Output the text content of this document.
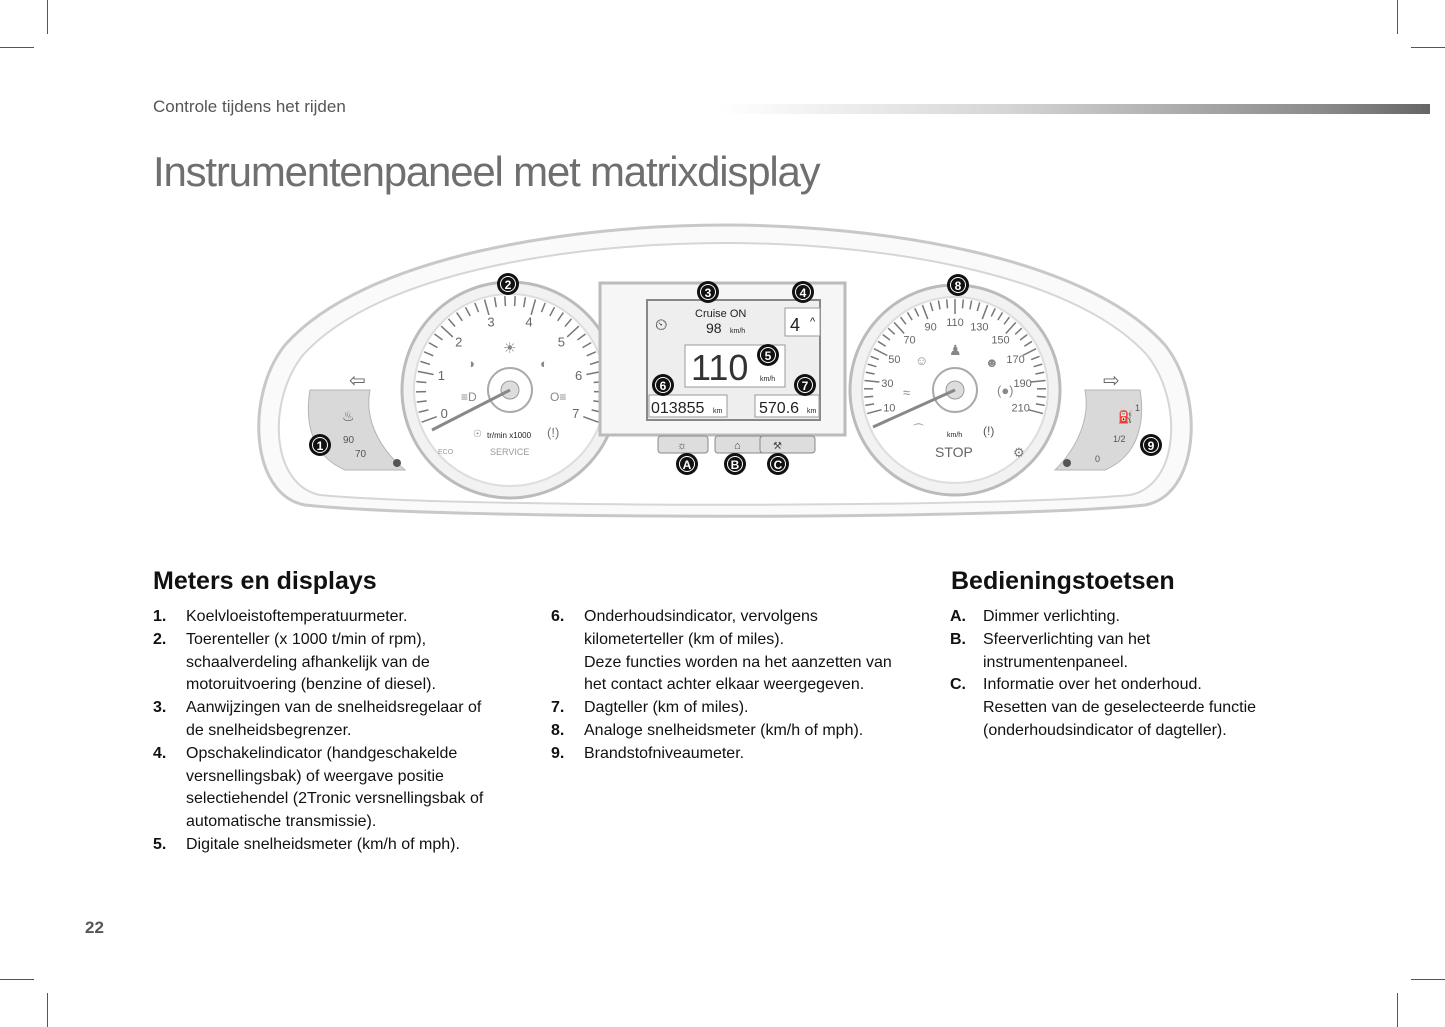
Controle tijdens het rijden
Instrumentenpaneel met matrixdisplay
⇦
♨
90
70
0
1
2
3 4
5
6
7
◑
☀
◐
≡D	O≡
☉ tr/min x1000
ECO	SERVICE
(!)
⏲
Cruise ON
98 km/h 4 ^
110 km/h
013855 km 570.6 km
☼	⌂	⚒
10
30
50
70
90 110 130
150
170
190
210
☺
♟
☻
≈	(●)
⌒	km/h (!)
STOP	⚙
⇨
⛽
1
1/2
0
1
2
3	4
5
6	7
8
9
A	B	C
Meters en displays	Bedieningstoetsen
1. Koelvloeistoftemperatuurmeter.
2. Toerenteller (x 1000 t/min of rpm),
schaalverdeling afhankelijk van de
motoruitvoering (benzine of diesel).
3. Aanwijzingen van de snelheidsregelaar of
de snelheidsbegrenzer.
4. Opschakelindicator (handgeschakelde
versnellingsbak) of weergave positie
selectiehendel (2Tronic versnellingsbak of
automatische transmissie).
5. Digitale snelheidsmeter (km/h of mph).
6. Onderhoudsindicator, vervolgens
kilometerteller (km of miles).
Deze functies worden na het aanzetten van
het contact achter elkaar weergegeven.
7. Dagteller (km of miles).
8. Analoge snelheidsmeter (km/h of mph).
9. Brandstofniveaumeter.
A. Dimmer verlichting.
B. Sfeerverlichting van het
instrumentenpaneel.
C. Informatie over het onderhoud.
Resetten van de geselecteerde functie
(onderhoudsindicator of dagteller).
22
